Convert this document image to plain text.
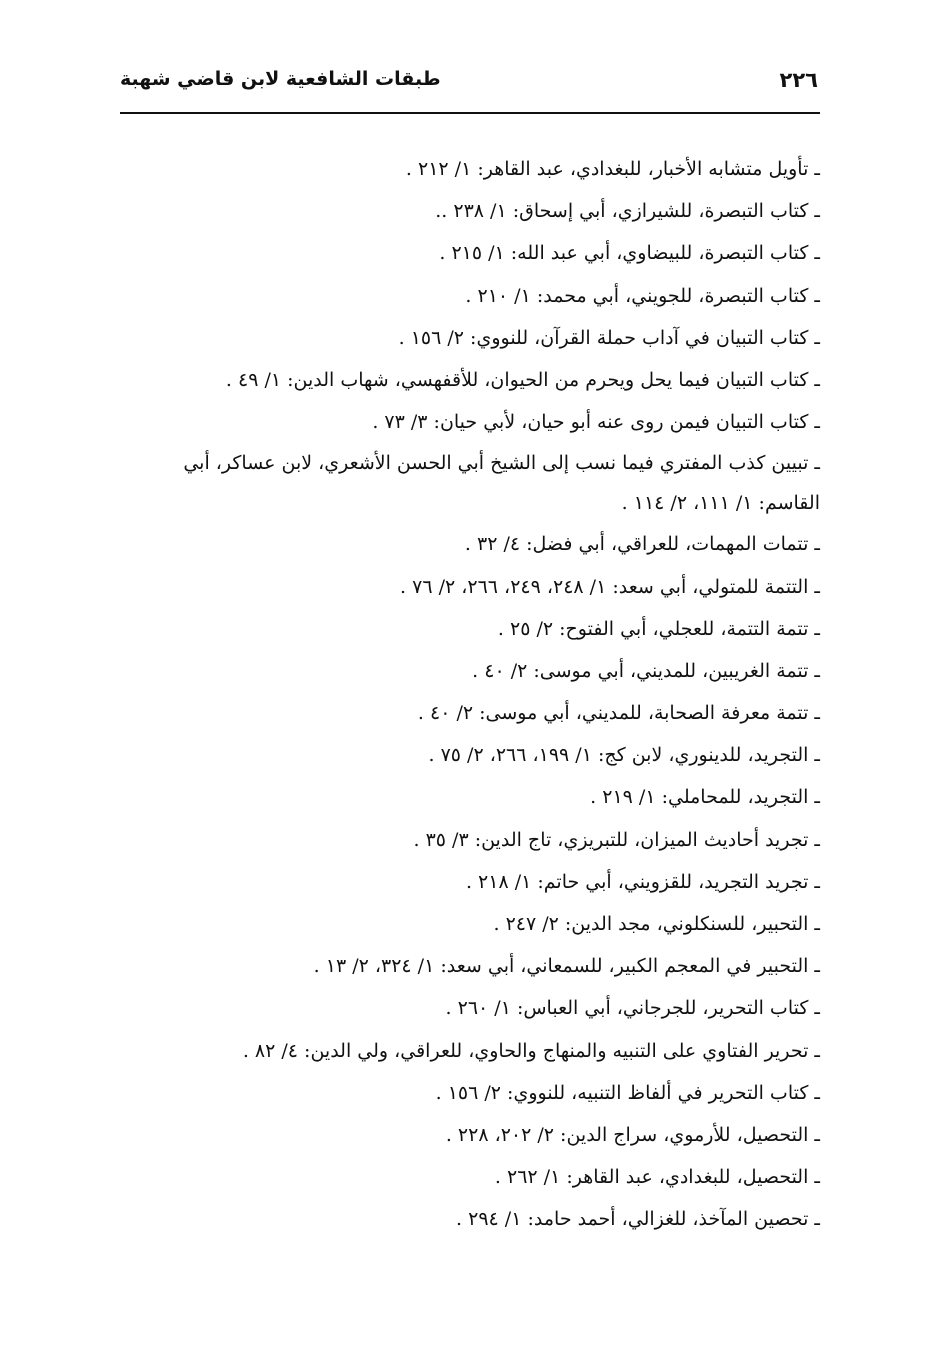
٢٢٦
طبقات الشافعية لابن قاضي شهبة
ـ تأويل متشابه الأخبار، للبغدادي، عبد القاهر: ١/ ٢١٢ .
ـ كتاب التبصرة، للشيرازي، أبي إسحاق: ١/ ٢٣٨ ..
ـ كتاب التبصرة، للبيضاوي، أبي عبد الله: ١/ ٢١٥ .
ـ كتاب التبصرة، للجويني، أبي محمد: ١/ ٢١٠ .
ـ كتاب التبيان في آداب حملة القرآن، للنووي: ٢/ ١٥٦ .
ـ كتاب التبيان فيما يحل ويحرم من الحيوان، للأقفهسي، شهاب الدين: ١/ ٤٩ .
ـ كتاب التبيان فيمن روى عنه أبو حيان، لأبي حيان: ٣/ ٧٣ .
ـ تبيين كذب المفتري فيما نسب إلى الشيخ أبي الحسن الأشعري، لابن عساكر، أبي القاسم: ١/ ١١١، ٢/ ١١٤ .
ـ تتمات المهمات، للعراقي، أبي فضل: ٤/ ٣٢ .
ـ التتمة للمتولي، أبي سعد: ١/ ٢٤٨، ٢٤٩، ٢٦٦، ٢/ ٧٦ .
ـ تتمة التتمة، للعجلي، أبي الفتوح: ٢/ ٢٥ .
ـ تتمة الغريبين، للمديني، أبي موسى: ٢/ ٤٠ .
ـ تتمة معرفة الصحابة، للمديني، أبي موسى: ٢/ ٤٠ .
ـ التجريد، للدينوري، لابن كج: ١/ ١٩٩، ٢٦٦، ٢/ ٧٥ .
ـ التجريد، للمحاملي: ١/ ٢١٩ .
ـ تجريد أحاديث الميزان، للتبريزي، تاج الدين: ٣/ ٣٥ .
ـ تجريد التجريد، للقزويني، أبي حاتم: ١/ ٢١٨ .
ـ التحبير، للسنكلوني، مجد الدين: ٢/ ٢٤٧ .
ـ التحبير في المعجم الكبير، للسمعاني، أبي سعد: ١/ ٣٢٤، ٢/ ١٣ .
ـ كتاب التحرير، للجرجاني، أبي العباس: ١/ ٢٦٠ .
ـ تحرير الفتاوي على التنبيه والمنهاج والحاوي، للعراقي، ولي الدين: ٤/ ٨٢ .
ـ كتاب التحرير في ألفاظ التنبيه، للنووي: ٢/ ١٥٦ .
ـ التحصيل، للأرموي، سراج الدين: ٢/ ٢٠٢، ٢٢٨ .
ـ التحصيل، للبغدادي، عبد القاهر: ١/ ٢٦٢ .
ـ تحصين المآخذ، للغزالي، أحمد حامد: ١/ ٢٩٤ .
